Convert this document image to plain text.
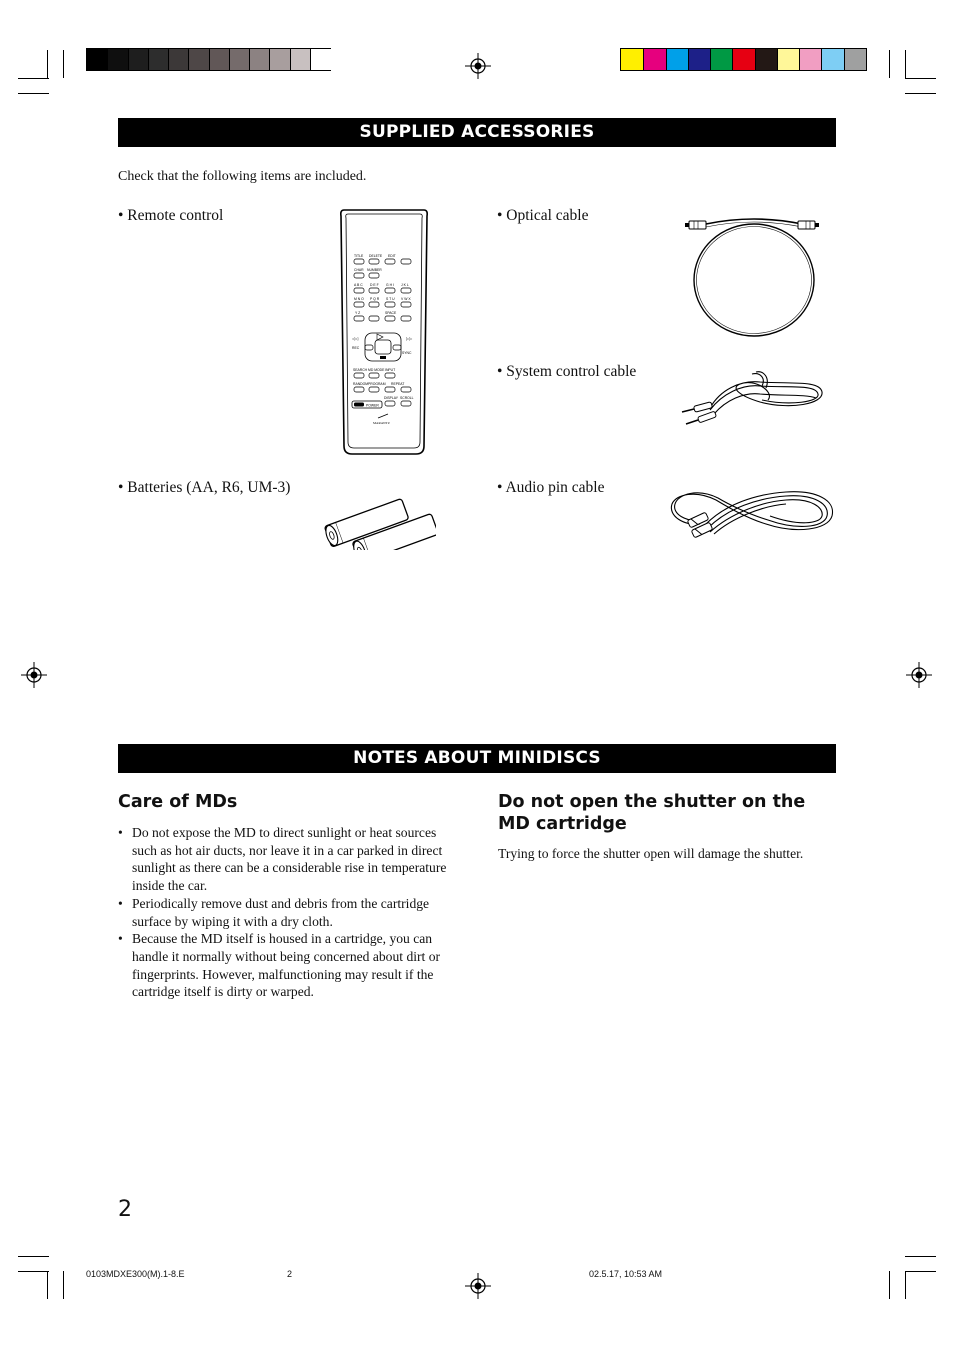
SUPPLIED ACCESSORIES
Check that the following items are included.
• Remote control	• Optical cable
• System control cable
• Batteries (AA, R6, UM-3)	• Audio pin cable
TITLE DELETE EDIT
CHAR NUMBER
A B C D E F G H I J K L
M N O P Q R S T U V W X
Y Z	SPACE
◁◁	▷▷
REC
SYNC
SEARCH MD MODE INPUT
RANDOM PROGRAM REPEAT
DISPLAY SCROLL
POWER
MARANTZ
NOTES ABOUT MINIDISCS
Care of MDs
• Do not expose the MD to direct sunlight or heat sources such as hot air ducts, nor leave it in a car parked in direct sunlight as there can be a considerable rise in temperature inside the car.
• Periodically remove dust and debris from the cartridge surface by wiping it with a dry cloth.
• Because the MD itself is housed in a cartridge, you can handle it normally without being concerned about dirt or fingerprints. However, malfunctioning may result if the cartridge itself is dirty or warped.
Do not open the shutter on the MD cartridge
Trying to force the shutter open will damage the shutter.
2
0103MDXE300(M).1-8.E	2	02.5.17, 10:53 AM
